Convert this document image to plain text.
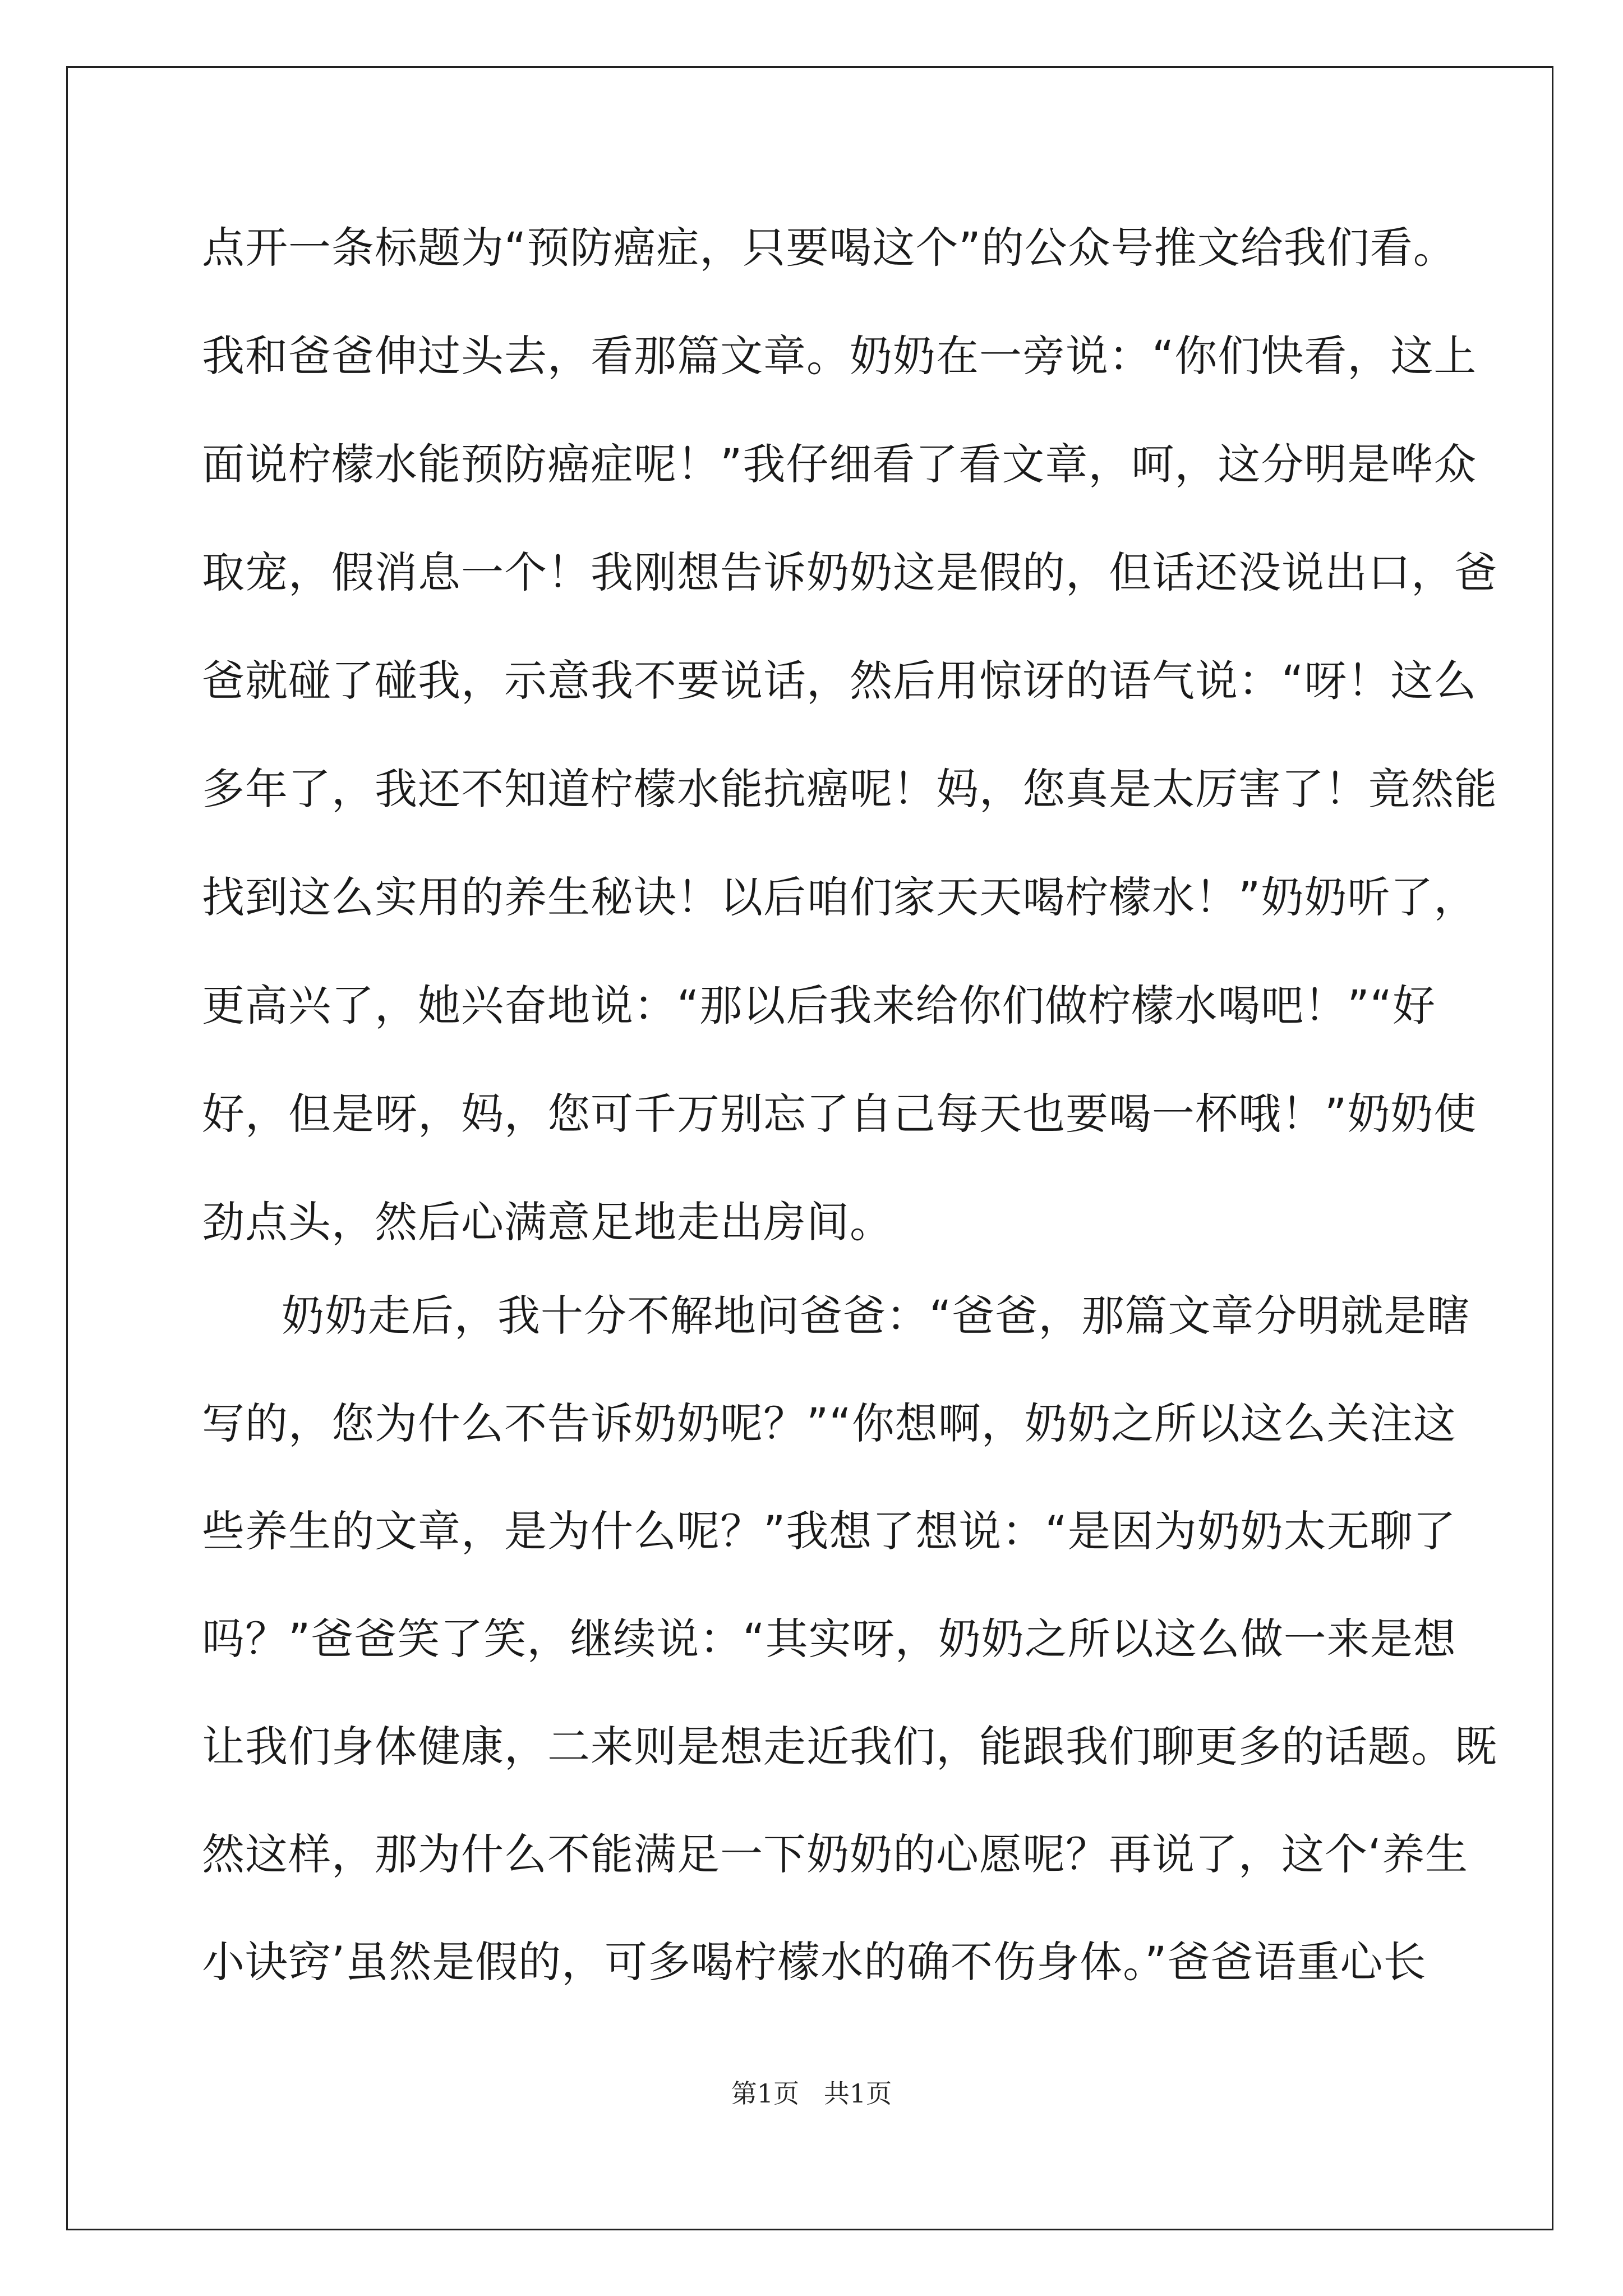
点开一条标题为“预防癌症，只要喝这个”的公众号推文给我们看。
我和爸爸伸过头去，看那篇文章。奶奶在一旁说：“你们快看，这上
面说柠檬水能预防癌症呢！”我仔细看了看文章，呵，这分明是哗众
取宠，假消息一个！我刚想告诉奶奶这是假的，但话还没说出口，爸
爸就碰了碰我，示意我不要说话，然后用惊讶的语气说：“呀！这么
多年了，我还不知道柠檬水能抗癌呢！妈，您真是太厉害了！竟然能
找到这么实用的养生秘诀！以后咱们家天天喝柠檬水！”奶奶听了，
更高兴了，她兴奋地说：“那以后我来给你们做柠檬水喝吧！”“好
好，但是呀，妈，您可千万别忘了自己每天也要喝一杯哦！”奶奶使
劲点头，然后心满意足地走出房间。
奶奶走后，我十分不解地问爸爸：“爸爸，那篇文章分明就是瞎
写的，您为什么不告诉奶奶呢？”“你想啊，奶奶之所以这么关注这
些养生的文章，是为什么呢？”我想了想说：“是因为奶奶太无聊了
吗？”爸爸笑了笑，继续说：“其实呀，奶奶之所以这么做一来是想
让我们身体健康，二来则是想走近我们，能跟我们聊更多的话题。既
然这样，那为什么不能满足一下奶奶的心愿呢？再说了，这个‘养生
小诀窍’虽然是假的，可多喝柠檬水的确不伤身体。”爸爸语重心长
第1页   共1页
